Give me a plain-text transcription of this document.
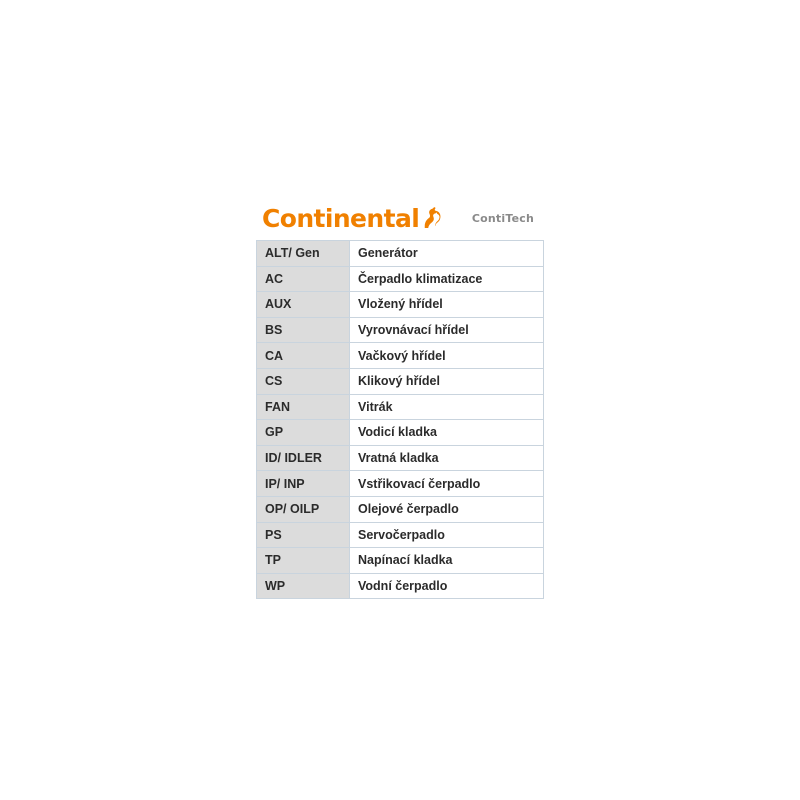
Continental	ContiTech
ALT/ Gen	Generátor
AC	Čerpadlo klimatizace
AUX	Vložený hřídel
BS	Vyrovnávací hřídel
CA	Vačkový hřídel
CS	Klikový hřídel
FAN	Vitrák
GP	Vodicí kladka
ID/ IDLER	Vratná kladka
IP/ INP	Vstřikovací čerpadlo
OP/ OILP	Olejové čerpadlo
PS	Servočerpadlo
TP	Napínací kladka
WP	Vodní čerpadlo
